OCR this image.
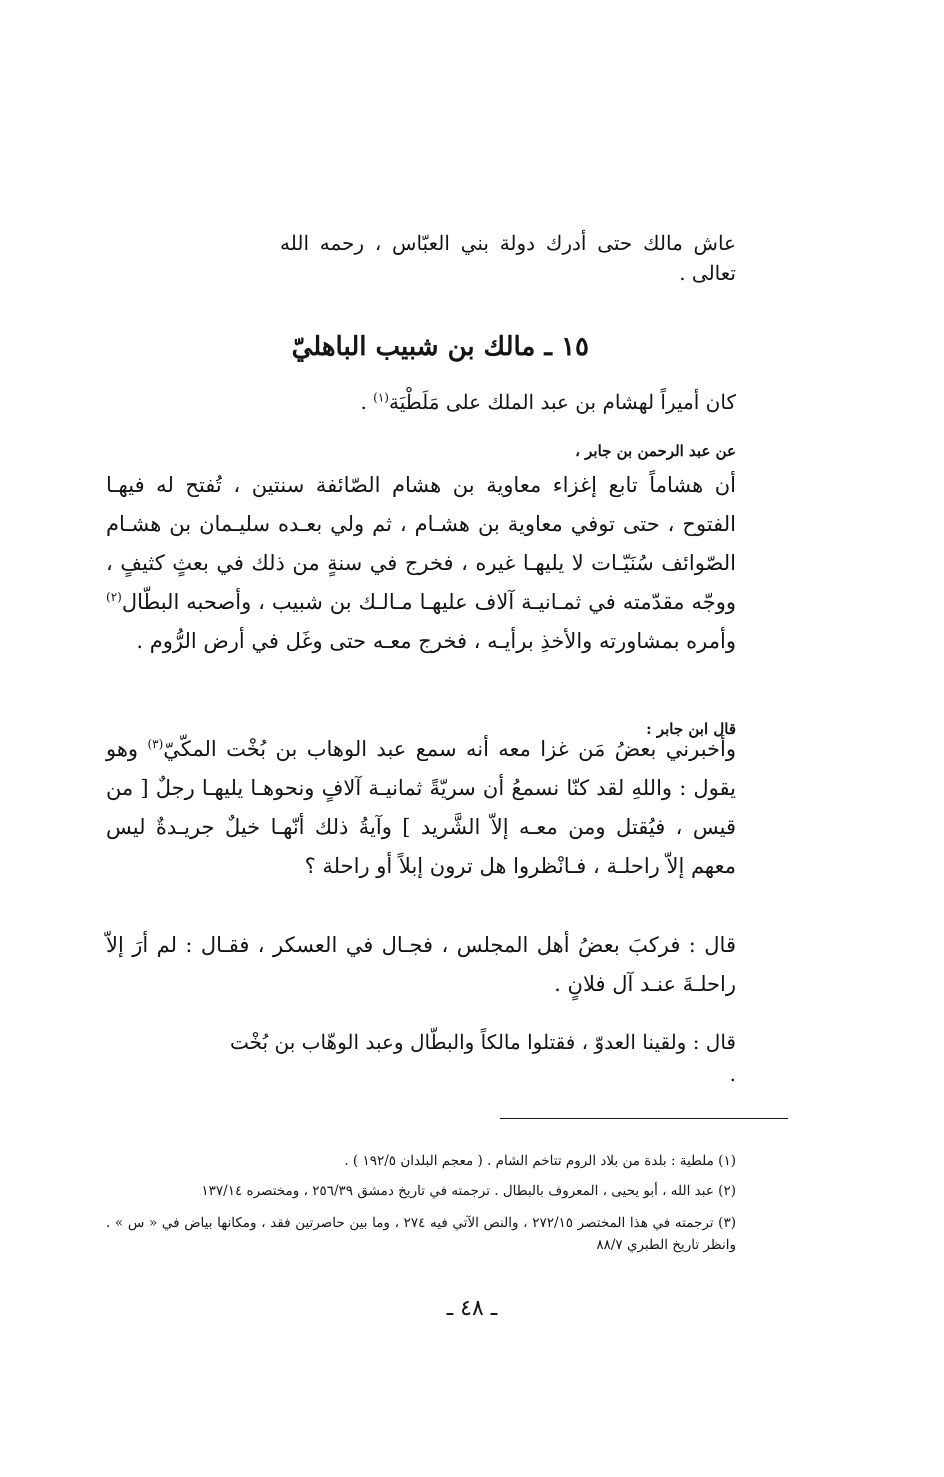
عاش مالك حتى أدرك دولة بني العبّاس ، رحمه الله تعالى .
١٥ ـ مالك بن شبيب الباهليّ
كان أميراً لهشام بن عبد الملك على مَلَطْيَة$^{(١)}$ .
عن عبد الرحمن بن جابر ،
أن هشاماً تابع إغزاء معاوية بن هشام الصّائفة سنتين ، تُفتح له فيهـا الفتوح ، حتى توفي معاوية بن هشـام ، ثم ولي بعـده سليـمان بن هشـام الصّوائف سُنَيّـات لا يليهـا غيره ، فخرج في سنةٍ من ذلك في بعثٍ كثيفٍ ، ووجّه مقدّمته في ثمـانيـة آلاف عليهـا مـالـك بن شبيب ، وأصحبه البطّال$^{(٢)}$ وأمره بمشاورته والأخذِ برأيـه ، فخرج معـه حتى وغَل في أرض الرُّوم .
قال ابن جابر :
وأخبرني بعضُ مَن غزا معه أنه سمع عبد الوهاب بن بُخْت المكّيّ$^{(٣)}$ وهو يقول : واللهِ لقد كنّا نسمعُ أن سريّةً ثمانيـة آلافٍ ونحوهـا يليهـا رجلٌ [ من قيس ، فيُقتل ومن معـه إلاّ الشَّريد ] وآيةُ ذلك أنّهـا خيلٌ جريـدةٌ ليس معهم إلاّ راحلـة ، فـانْظروا هل ترون إبلاً أو راحلة ؟
قال : فركبَ بعضُ أهل المجلس ، فجـال في العسكر ، فقـال : لم أرَ إلاّ راحلـةَ عنـد آل فلانٍ .
قال : ولقينا العدوّ ، فقتلوا مالكاً والبطّال وعبد الوهّاب بن بُخْت .
(١) ملطية : بلدة من بلاد الروم تتاخم الشام . ( معجم البلدان ١٩٢/٥ ) .
(٢) عبد الله ، أبو يحيى ، المعروف بالبطال . ترجمته في تاريخ دمشق ٢٥٦/٣٩ ، ومختصره ١٣٧/١٤
(٣) ترجمته في هذا المختصر ٢٧٢/١٥ ، والنص الآتي فيه ٢٧٤ ، وما بين حاصرتين فقد ، ومكانها بياض في « س » . وانظر تاريخ الطبري ٨٨/٧
ـ ٤٨ ـ
